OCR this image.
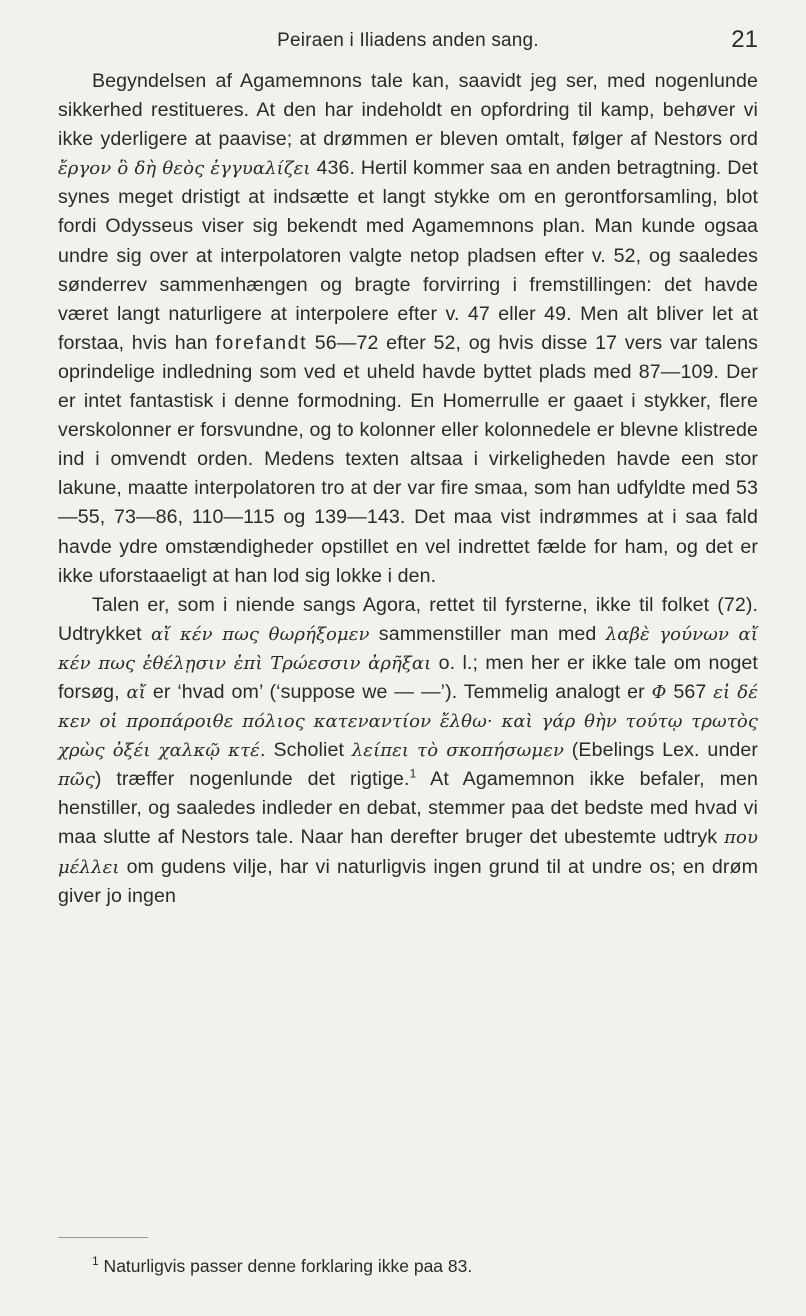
Peiraen i Iliadens anden sang.	21

Begyndelsen af Agamemnons tale kan, saavidt jeg ser, med nogenlunde sikkerhed restitueres. At den har indeholdt en opfordring til kamp, behøver vi ikke yderligere at paavise; at drømmen er bleven omtalt, følger af Nestors ord ἔργον ὃ δὴ θεὸς ἐγγυαλίζει 436. Hertil kommer saa en anden betragtning. Det synes meget dristigt at indsætte et langt stykke om en gerontforsamling, blot fordi Odysseus viser sig bekendt med Agamemnons plan. Man kunde ogsaa undre sig over at interpolatoren valgte netop pladsen efter v. 52, og saaledes sønderrev sammenhængen og bragte forvirring i fremstillingen: det havde været langt naturligere at interpolere efter v. 47 eller 49. Men alt bliver let at forstaa, hvis han forefandt 56—72 efter 52, og hvis disse 17 vers var talens oprindelige indledning som ved et uheld havde byttet plads med 87—109. Der er intet fantastisk i denne formodning. En Homerrulle er gaaet i stykker, flere verskolonner er forsvundne, og to kolonner eller kolonnedele er blevne klistrede ind i omvendt orden. Medens texten altsaa i virkeligheden havde een stor lakune, maatte interpolatoren tro at der var fire smaa, som han udfyldte med 53—55, 73—86, 110—115 og 139—143. Det maa vist indrømmes at i saa fald havde ydre omstændigheder opstillet en vel indrettet fælde for ham, og det er ikke uforstaaeligt at han lod sig lokke i den.

Talen er, som i niende sangs Agora, rettet til fyrsterne, ikke til folket (72). Udtrykket αἴ κέν πως θωρήξομεν sammenstiller man med λαβὲ γούνων αἴ κέν πως ἐθέλῃσιν ἐπὶ Τρώεσσιν ἀρῆξαι o. l.; men her er ikke tale om noget forsøg, αἴ er ‘hvad om’ (‘suppose we — —’). Temmelig analogt er Φ 567 εἰ δέ κεν οἱ προπάροιθε πόλιος κατεναντίον ἔλθω· καὶ γάρ θὴν τούτῳ τρωτὸς χρὼς ὀξέι χαλκῷ κτέ. Scholiet λείπει τὸ σκοπήσωμεν (Ebelings Lex. under πῶς) træffer nogenlunde det rigtige.$^1$ At Agamemnon ikke befaler, men henstiller, og saaledes indleder en debat, stemmer paa det bedste med hvad vi maa slutte af Nestors tale. Naar han derefter bruger det ubestemte udtryk που μέλλει om gudens vilje, har vi naturligvis ingen grund til at undre os; en drøm giver jo ingen

$^1$ Naturligvis passer denne forklaring ikke paa 83.
